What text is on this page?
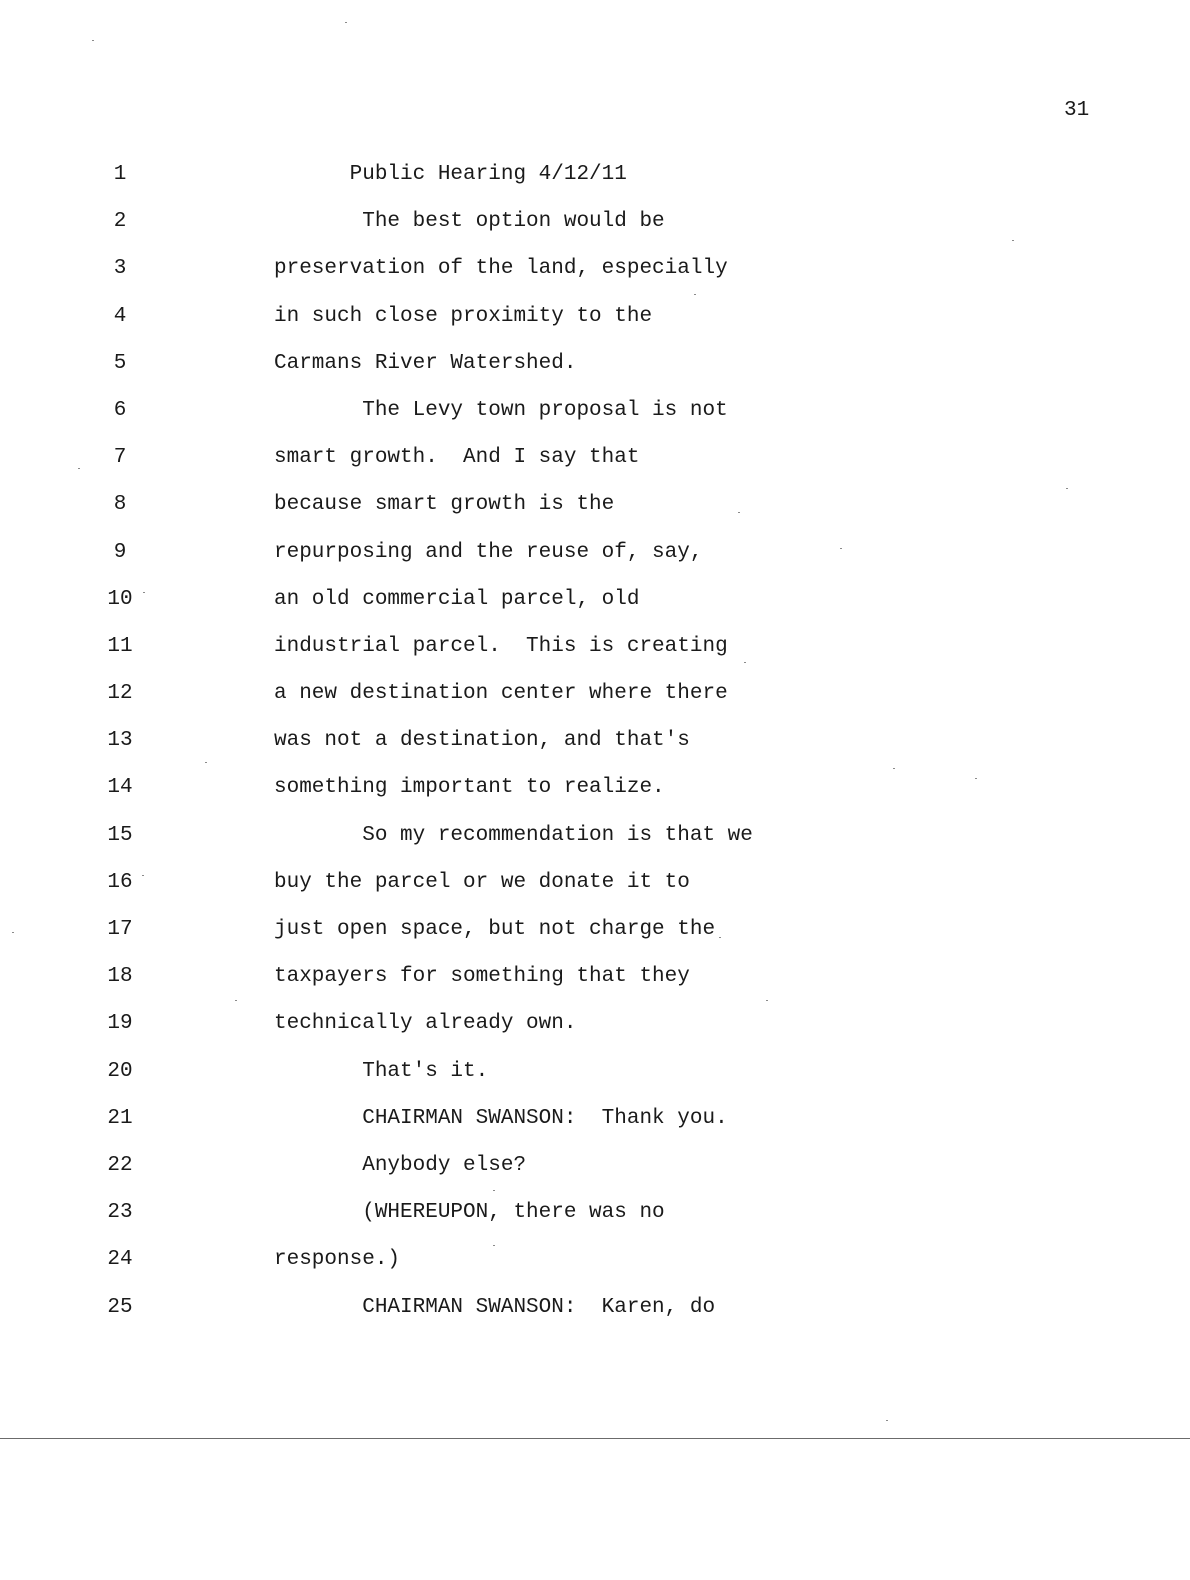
31
1	Public Hearing 4/12/11
2	The best option would be
3	preservation of the land, especially
4	in such close proximity to the
5	Carmans River Watershed.
6	The Levy town proposal is not
7	smart growth.  And I say that
8	because smart growth is the
9	repurposing and the reuse of, say,
10	an old commercial parcel, old
11	industrial parcel.  This is creating
12	a new destination center where there
13	was not a destination, and that's
14	something important to realize.
15	So my recommendation is that we
16	buy the parcel or we donate it to
17	just open space, but not charge the
18	taxpayers for something that they
19	technically already own.
20	That's it.
21	CHAIRMAN SWANSON:  Thank you.
22	Anybody else?
23	(WHEREUPON, there was no
24	response.)
25	CHAIRMAN SWANSON:  Karen, do
